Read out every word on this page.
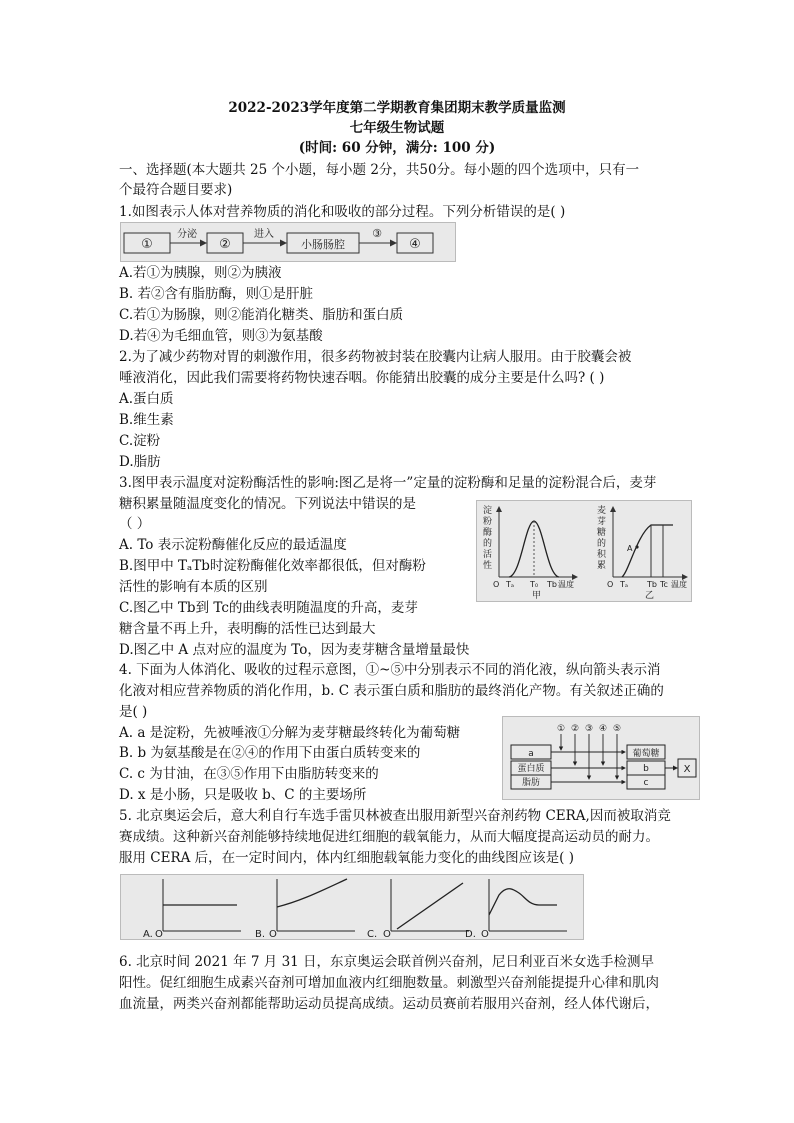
2022-2023学年度第二学期教育集团期末教学质量监测
七年级生物试题
(时间: 60 分钟，满分: 100 分)
一、选择题(本大题共 25 个小题，每小题 2分，共50分。每小题的四个选项中，只有一
个最符合题目要求)
1.如图表示人体对营养物质的消化和吸收的部分过程。下列分析错误的是( )
①	②	小肠肠腔	④
分泌	进入	③
A.若①为胰腺，则②为胰液
B. 若②含有脂肪酶，则①是肝脏
C.若①为肠腺，则②能消化糖类、脂肪和蛋白质
D.若④为毛细血管，则③为氨基酸
2.为了减少药物对胃的刺激作用，很多药物被封装在胶囊内让病人服用。由于胶囊会被
唾液消化，因此我们需要将药物快速吞咽。你能猜出胶囊的成分主要是什么吗? ( )
A.蛋白质
B.维生素
C.淀粉
D.脂肪
3.图甲表示温度对淀粉酶活性的影响:图乙是将一”定量的淀粉酶和足量的淀粉混合后，麦芽
糖积累量随温度变化的情况。下列说法中错误的是
（ ）
A. To 表示淀粉酶催化反应的最适温度
B.图甲中 TₐTb时淀粉酶催化效率都很低，但对酶粉
活性的影响有本质的区别
C.图乙中 Tb到 Tc的曲线表明随温度的升高，麦芽
糖含量不再上升，表明酶的活性已达到最大
D.图乙中 A 点对应的温度为 To，因为麦芽糖含量增量最快
淀
粉
酶
的
活
性
O Tₐ T₀ Tb 温度
甲
麦
芽
糖
的
积
累
A
O Tₐ Tb Tc 温度
乙
4. 下面为人体消化、吸收的过程示意图，①~⑤中分别表示不同的消化液，纵向箭头表示消
化液对相应营养物质的消化作用，b. C 表示蛋白质和脂肪的最终消化产物。有关叙述正确的
是( )
A. a 是淀粉，先被唾液①分解为麦芽糖最终转化为葡萄糖
B. b 为氨基酸是在②④的作用下由蛋白质转变来的
C. c 为甘油，在③⑤作用下由脂肪转变来的
D. x 是小肠，只是吸收 b、C 的主要场所
① ② ③ ④ ⑤
a
蛋白质
脂肪
葡萄糖
b
c
X
5. 北京奥运会后，意大利自行车选手雷贝林被查出服用新型兴奋剂药物 CERA,因而被取消竞
赛成绩。这种新兴奋剂能够持续地促进红细胞的载氧能力，从而大幅度提高运动员的耐力。
服用 CERA 后，在一定时间内，体内红细胞载氧能力变化的曲线图应该是( )
A. O	B. O	C. O	D. O
6. 北京时间 2021 年 7 月 31 日，东京奥运会联首例兴奋剂，尼日利亚百米女选手检测早
阳性。促红细胞生成素兴奋剂可增加血液内红细胞数量。刺激型兴奋剂能提提升心律和肌肉
血流量，两类兴奋剂都能帮助运动员提高成绩。运动员赛前若服用兴奋剂，经人体代谢后，
